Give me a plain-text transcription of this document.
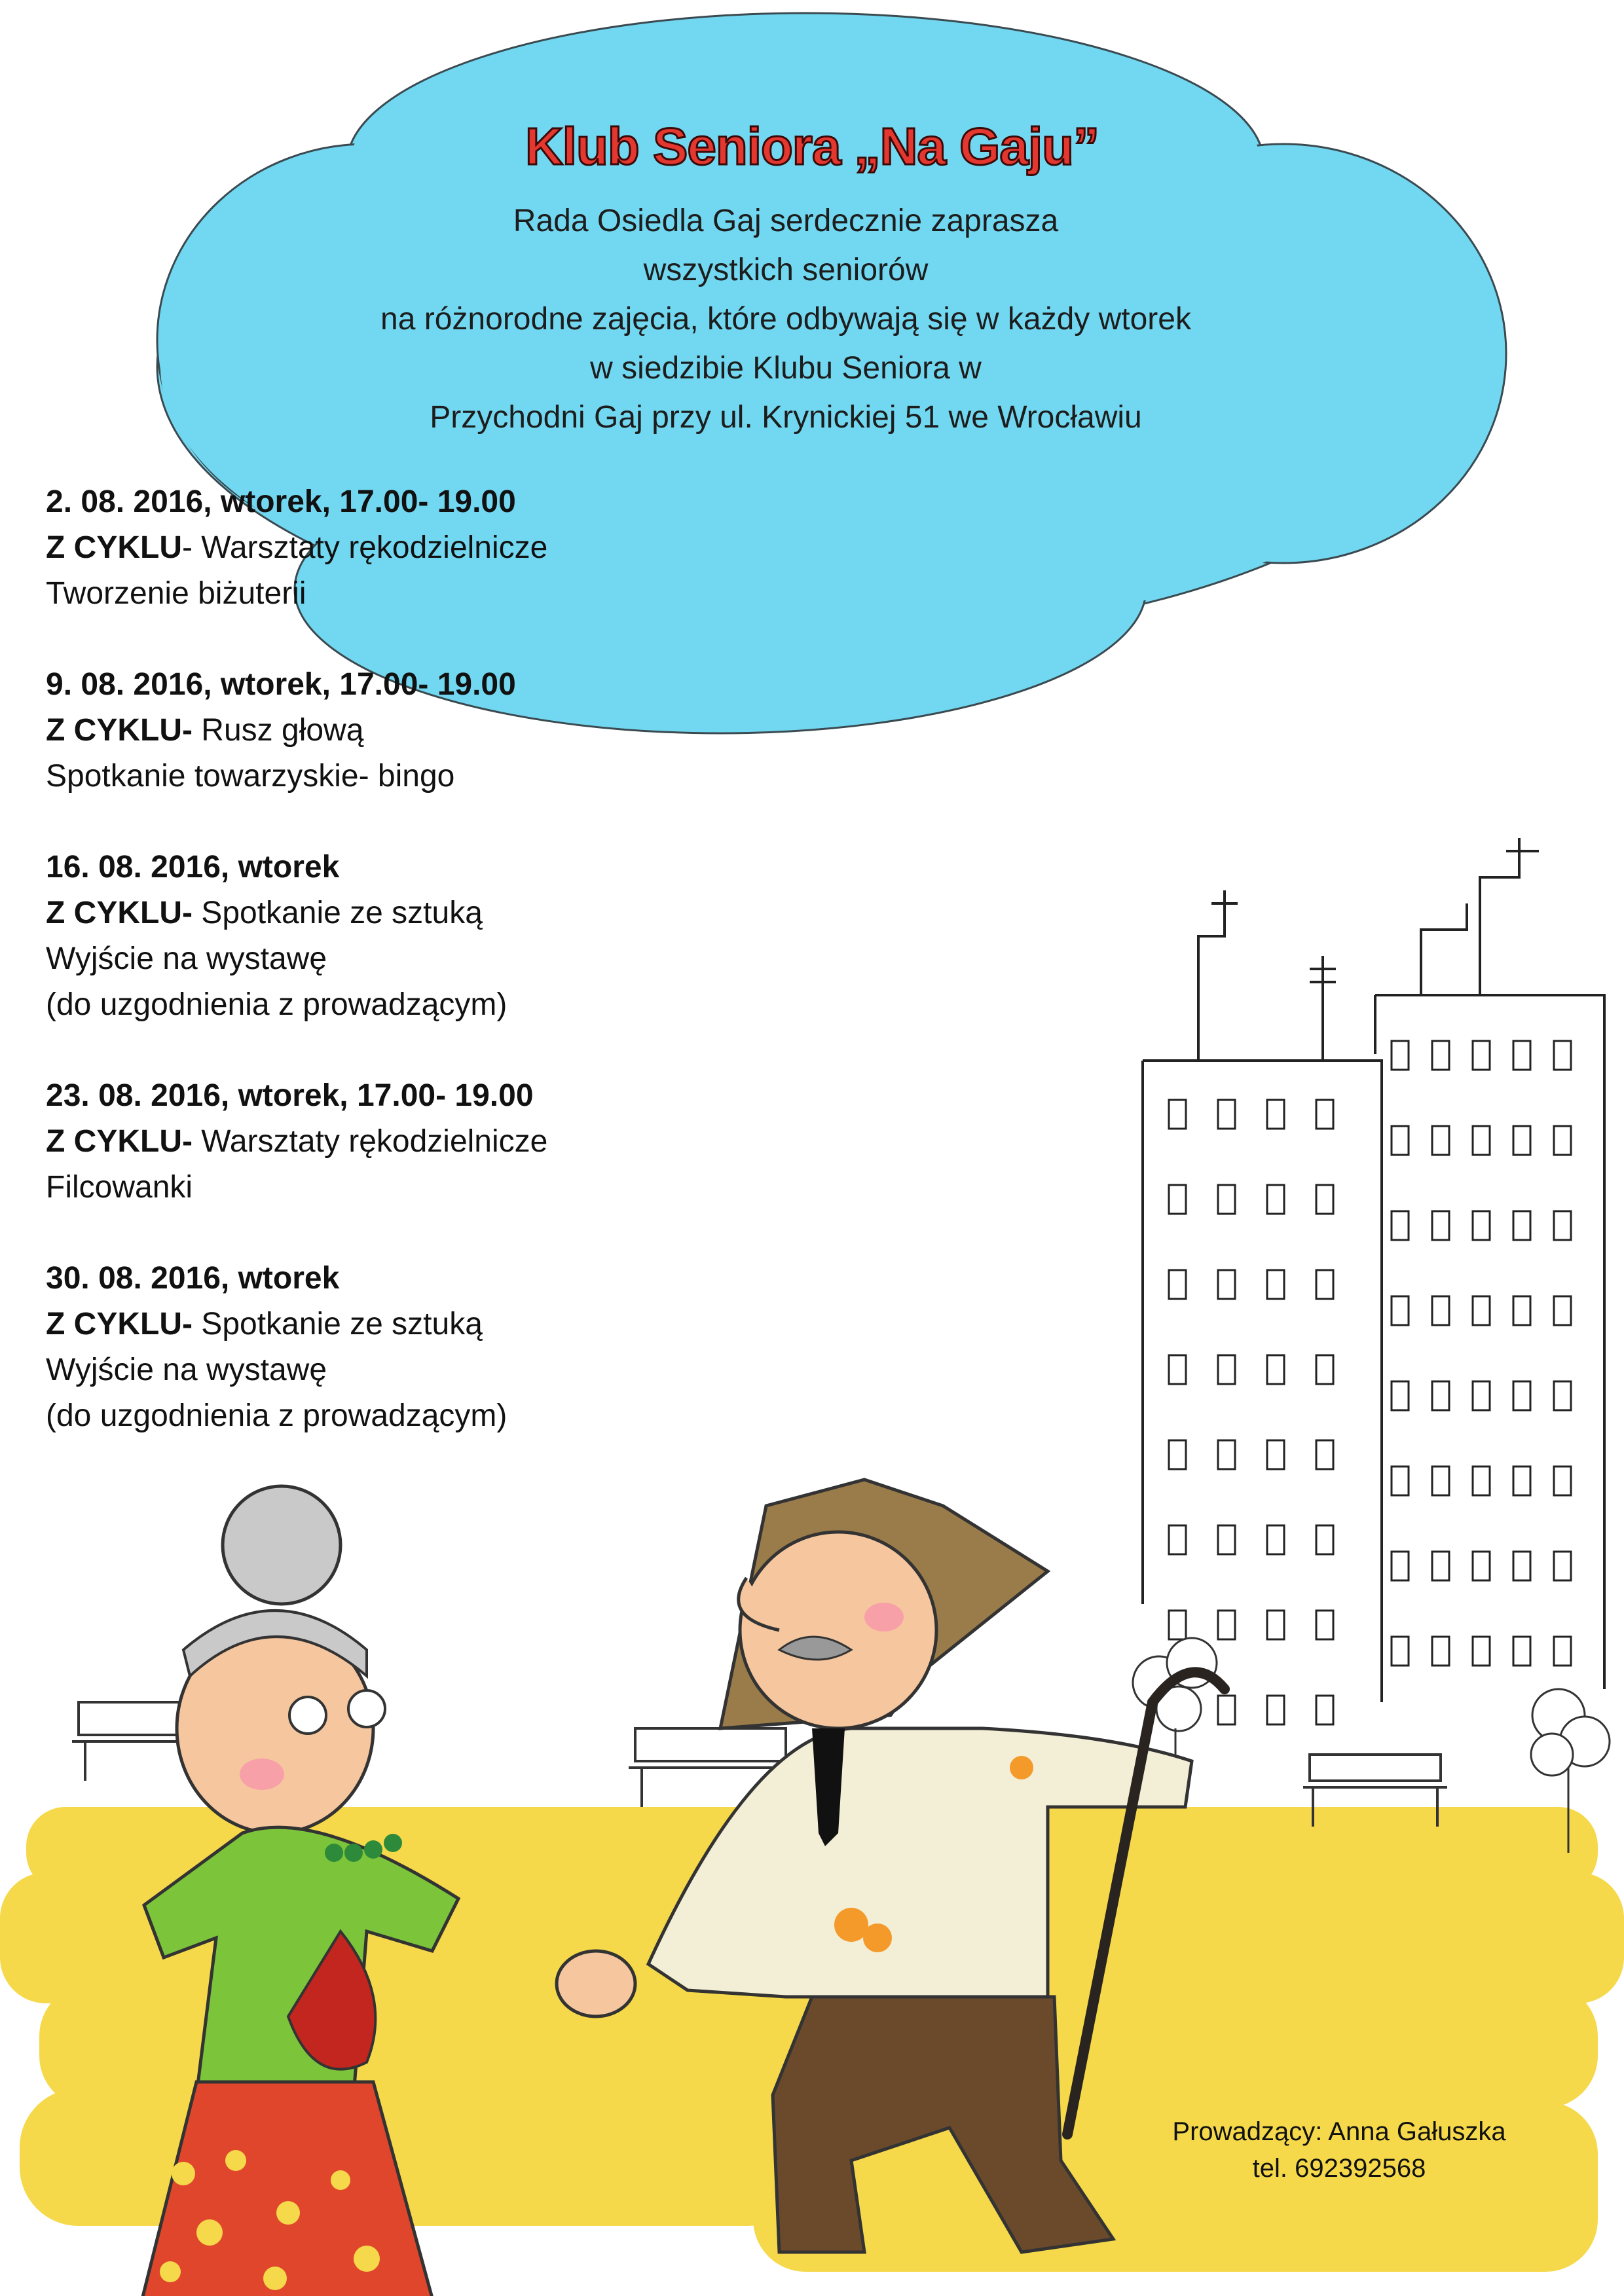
Klub Seniora „Na Gaju”
Rada Osiedla Gaj serdecznie zaprasza
wszystkich seniorów
na różnorodne zajęcia, które odbywają się w każdy wtorek
w siedzibie Klubu Seniora w
Przychodni Gaj przy ul. Krynickiej 51 we Wrocławiu
2. 08. 2016, wtorek, 17.00- 19.00
Z CYKLU- Warsztaty rękodzielnicze
Tworzenie biżuterii
9. 08. 2016, wtorek, 17.00- 19.00
Z CYKLU- Rusz głową
Spotkanie towarzyskie- bingo
16. 08. 2016, wtorek
Z CYKLU- Spotkanie ze sztuką
Wyjście na wystawę
(do uzgodnienia z prowadzącym)
23. 08. 2016, wtorek, 17.00- 19.00
Z CYKLU- Warsztaty rękodzielnicze
Filcowanki
30. 08. 2016, wtorek
Z CYKLU- Spotkanie ze sztuką
Wyjście na wystawę
(do uzgodnienia z prowadzącym)
Prowadzący: Anna Gałuszka
tel. 692392568
